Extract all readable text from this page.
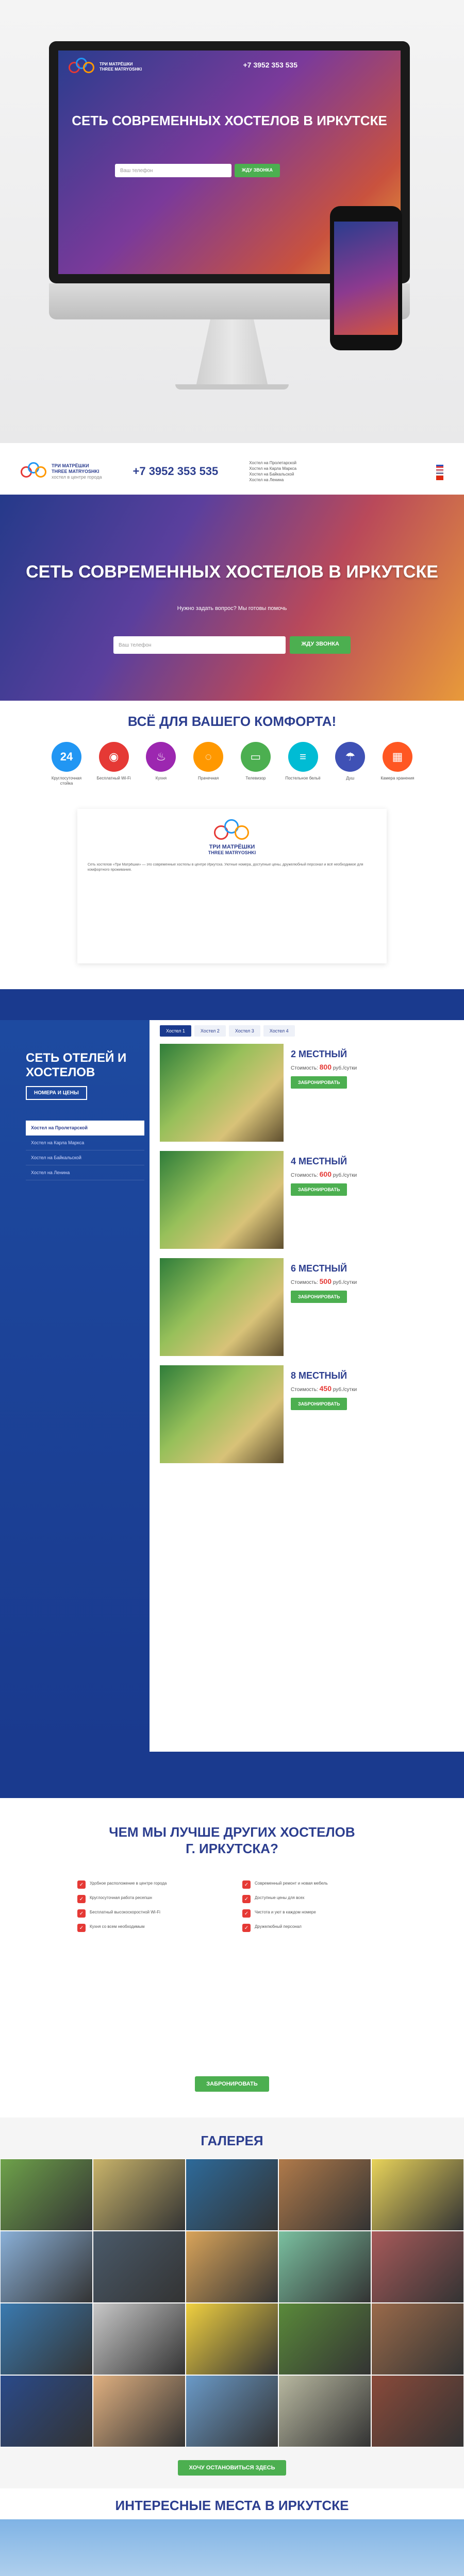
ТРИ МАТРЁШКИ
THREE MATRYOSHKI
+7 3952 353 535
СЕТЬ СОВРЕМЕННЫХ ХОСТЕЛОВ В ИРКУТСКЕ
Ваш телефон	ЖДУ ЗВОНКА
ТРИ МАТРЁШКИ
THREE MATRYOSHKI
хостел в центре города	+7 3952 353 535
Хостел на Пролетарской
Хостел на Карла Маркса
Хостел на Байкальской
Хостел на Ленина
СЕТЬ СОВРЕМЕННЫХ ХОСТЕЛОВ В ИРКУТСКЕ
Нужно задать вопрос? Мы готовы помочь
Ваш телефон	ЖДУ ЗВОНКА
ВСЁ ДЛЯ ВАШЕГО КОМФОРТА!
24
Круглосуточная стойка
◉
Бесплатный Wi-Fi
♨
Кухня
◌
Прачечная
▭
Телевизор
≡
Постельное бельё
☂
Душ
▦
Камера хранения
ТРИ МАТРЁШКИ
THREE MATRYOSHKI

Сеть хостелов «Три Матрёшки» — это современные хостелы в центре Иркутска. Уютные номера, доступные цены, дружелюбный персонал и всё необходимое для комфортного проживания.

СЕТЬ ОТЕЛЕЙ И ХОСТЕЛОВ
НОМЕРА И ЦЕНЫ
Хостел на Пролетарской
Хостел на Карла Маркса
Хостел на Байкальской
Хостел на Ленина
Хостел 1	Хостел 2	Хостел 3	Хостел 4
2 МЕСТНЫЙ
Стоимость: 800 руб./сутки
ЗАБРОНИРОВАТЬ
4 МЕСТНЫЙ
Стоимость: 600 руб./сутки
ЗАБРОНИРОВАТЬ
6 МЕСТНЫЙ
Стоимость: 500 руб./сутки
ЗАБРОНИРОВАТЬ
8 МЕСТНЫЙ
Стоимость: 450 руб./сутки
ЗАБРОНИРОВАТЬ
ЧЕМ МЫ ЛУЧШЕ ДРУГИХ ХОСТЕЛОВ Г. ИРКУТСКА?
✓	Удобное расположение в центре города	✓	Современный ремонт и новая мебель
✓	Круглосуточная работа ресепшн	✓	Доступные цены для всех
✓	Бесплатный высокоскоростной Wi-Fi	✓	Чистота и уют в каждом номере
✓	Кухня со всем необходимым	✓	Дружелюбный персонал
ЗАБРОНИРОВАТЬ
ГАЛЕРЕЯ
ХОЧУ ОСТАНОВИТЬСЯ ЗДЕСЬ
ИНТЕРЕСНЫЕ МЕСТА В ИРКУТСКЕ
